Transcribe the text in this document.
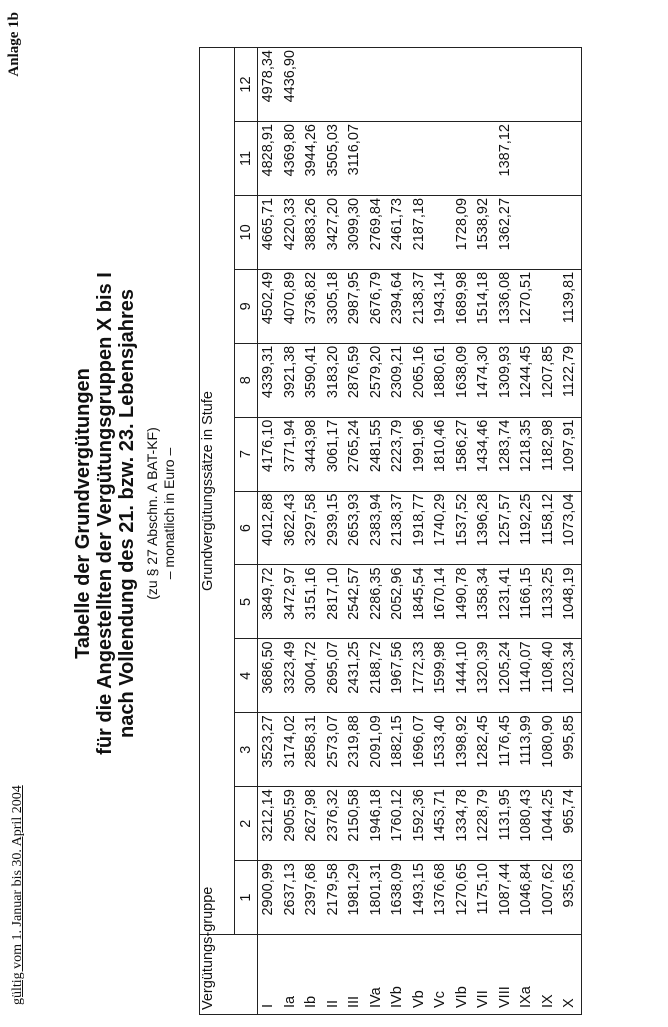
Anlage 1b
gültig vom 1. Januar bis 30. April 2004
Tabelle der Grundvergütungen für die Angestellten der Vergütungsgruppen X bis I nach Vollendung des 21. bzw. 23. Lebensjahres (zu § 27 Abschn. A BAT-KF) – monatlich in Euro –
Vergütungs-gruppe	Grundvergütungssätze in Stufe											
	1	2	3	4	5	6	7	8	9	10	11	12
I	2900,99	3212,14	3523,27	3686,50	3849,72	4012,88	4176,10	4339,31	4502,49	4665,71	4828,91	4978,34
Ia	2637,13	2905,59	3174,02	3323,49	3472,97	3622,43	3771,94	3921,38	4070,89	4220,33	4369,80	4436,90
Ib	2397,68	2627,98	2858,31	3004,72	3151,16	3297,58	3443,98	3590,41	3736,82	3883,26	3944,26	
II	2179,58	2376,32	2573,07	2695,07	2817,10	2939,15	3061,17	3183,20	3305,18	3427,20	3505,03	
III	1981,29	2150,58	2319,88	2431,25	2542,57	2653,93	2765,24	2876,59	2987,95	3099,30	3116,07	
IVa	1801,31	1946,18	2091,09	2188,72	2286,35	2383,94	2481,55	2579,20	2676,79	2769,84		
IVb	1638,09	1760,12	1882,15	1967,56	2052,96	2138,37	2223,79	2309,21	2394,64	2461,73		
Vb	1493,15	1592,36	1696,07	1772,33	1845,54	1918,77	1991,96	2065,16	2138,37	2187,18		
Vc	1376,68	1453,71	1533,40	1599,98	1670,14	1740,29	1810,46	1880,61	1943,14			
VIb	1270,65	1334,78	1398,92	1444,10	1490,78	1537,52	1586,27	1638,09	1689,98	1728,09		
VII	1175,10	1228,79	1282,45	1320,39	1358,34	1396,28	1434,46	1474,30	1514,18	1538,92		
VIII	1087,44	1131,95	1176,45	1205,24	1231,41	1257,57	1283,74	1309,93	1336,08	1362,27	1387,12	
IXa	1046,84	1080,43	1113,99	1140,07	1166,15	1192,25	1218,35	1244,45	1270,51			
IX	1007,62	1044,25	1080,90	1108,40	1133,25	1158,12	1182,98	1207,85				
X	935,63	965,74	995,85	1023,34	1048,19	1073,04	1097,91	1122,79	1139,81			
